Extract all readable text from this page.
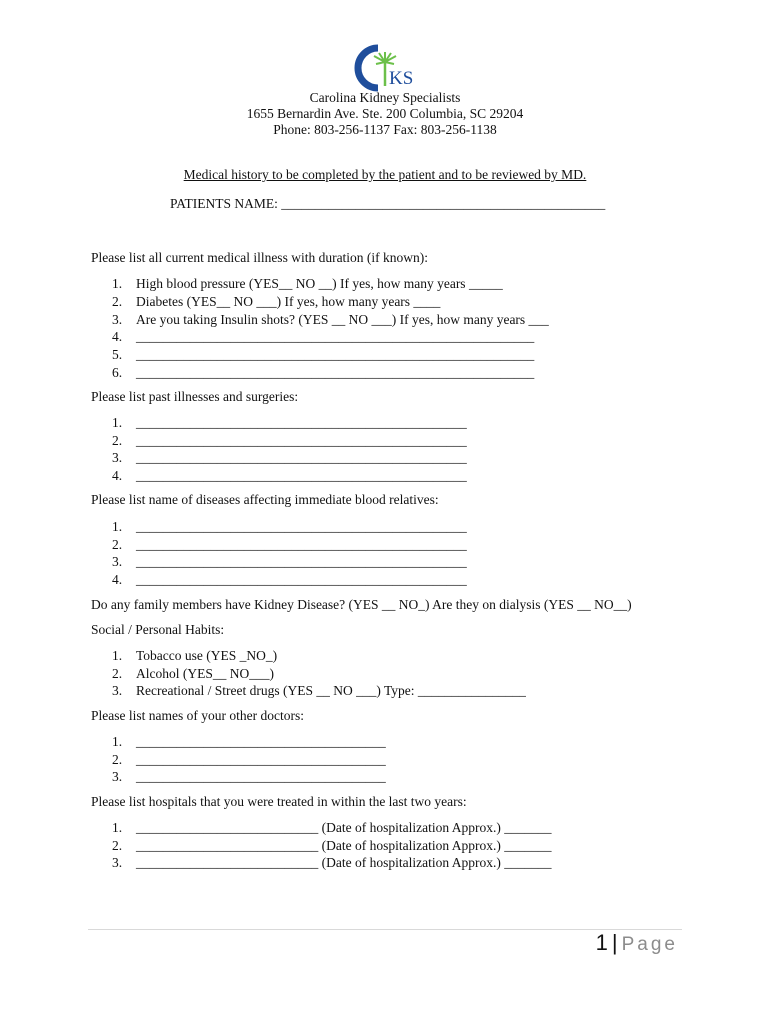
KS
Carolina Kidney Specialists
1655 Bernardin Ave. Ste. 200 Columbia, SC 29204
Phone: 803-256-1137 Fax: 803-256-1138
Medical history to be completed by the patient and to be reviewed by MD.
PATIENTS NAME: ________________________________________________
Please list all current medical illness with duration (if known):
1. High blood pressure (YES__ NO __) If yes, how many years _____
2. Diabetes (YES__ NO ___) If yes, how many years ____
3. Are you taking Insulin shots? (YES __ NO ___) If yes, how many years ___
4. ___________________________________________________________
5. ___________________________________________________________
6. ___________________________________________________________
Please list past illnesses and surgeries:
1. _________________________________________________
2. _________________________________________________
3. _________________________________________________
4. _________________________________________________
Please list name of diseases affecting immediate blood relatives:
1. _________________________________________________
2. _________________________________________________
3. _________________________________________________
4. _________________________________________________
Do any family members have Kidney Disease? (YES __ NO_) Are they on dialysis (YES __ NO__)
Social / Personal Habits:
1. Tobacco use (YES _NO_)
2. Alcohol (YES__ NO___)
3. Recreational / Street drugs (YES __ NO ___) Type: ________________
Please list names of your other doctors:
1. _____________________________________
2. _____________________________________
3. _____________________________________
Please list hospitals that you were treated in within the last two years:
1. ___________________________ (Date of hospitalization Approx.) _______
2. ___________________________ (Date of hospitalization Approx.) _______
3. ___________________________ (Date of hospitalization Approx.) _______
1 | Page
